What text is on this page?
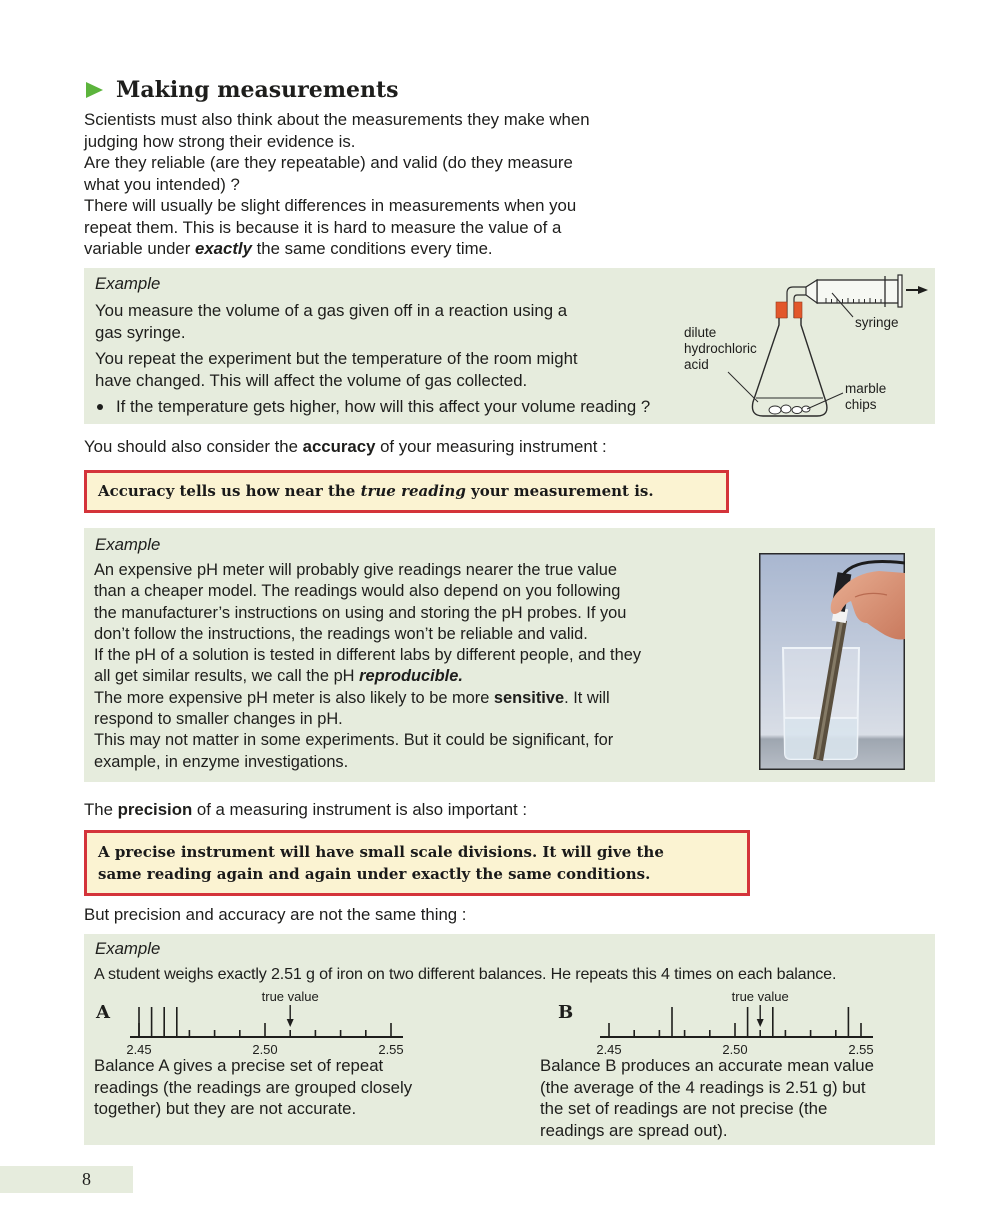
Making measurements
Scientists must also think about the measurements they make when
judging how strong their evidence is.
Are they reliable (are they repeatable) and valid (do they measure
what you intended) ?
There will usually be slight differences in measurements when you
repeat them. This is because it is hard to measure the value of a
variable under exactly the same conditions every time.
Example
You measure the volume of a gas given off in a reaction using a
gas syringe.
You repeat the experiment but the temperature of the room might
have changed. This will affect the volume of gas collected.
If the temperature gets higher, how will this affect your volume reading ?
dilute
hydrochloric
acid
syringe
marble
chips
You should also consider the accuracy of your measuring instrument :
Accuracy tells us how near the true reading your measurement is.
Example
An expensive pH meter will probably give readings nearer the true value
than a cheaper model. The readings would also depend on you following
the manufacturer’s instructions on using and storing the pH probes. If you
don’t follow the instructions, the readings won’t be reliable and valid.
If the pH of a solution is tested in different labs by different people, and they
all get similar results, we call the pH reproducible.
The more expensive pH meter is also likely to be more sensitive. It will
respond to smaller changes in pH.
This may not matter in some experiments. But it could be significant, for
example, in enzyme investigations.
The precision of a measuring instrument is also important :
A precise instrument will have small scale divisions. It will give the
same reading again and again under exactly the same conditions.
But precision and accuracy are not the same thing :
Example
A student weighs exactly 2.51 g of iron on two different balances. He repeats this 4 times on each balance.
2.45	2.50	2.55
true value
A
2.45	2.50	2.55
true value
B
Balance A gives a precise set of repeat
readings (the readings are grouped closely
together) but they are not accurate.
Balance B produces an accurate mean value
(the average of the 4 readings is 2.51 g) but
the set of readings are not precise (the
readings are spread out).
8
